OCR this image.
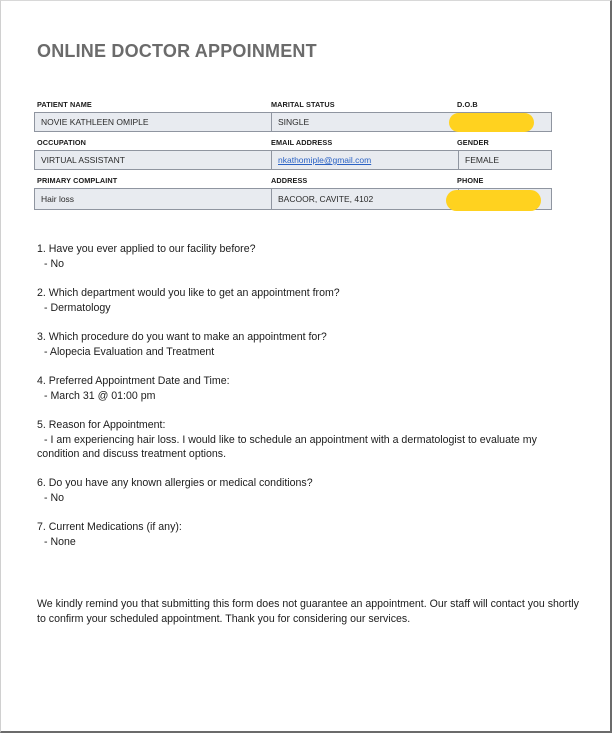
ONLINE DOCTOR APPOINMENT
PATIENT NAME	MARITAL STATUS	D.O.B
NOVIE KATHLEEN OMIPLE	SINGLE
OCCUPATION	EMAIL ADDRESS	GENDER
VIRTUAL ASSISTANT	nkathomiple@gmail.com	FEMALE
PRIMARY COMPLAINT	ADDRESS	PHONE
Hair loss	BACOOR, CAVITE, 4102
1. Have you ever applied to our facility before?
- No
2. Which department would you like to get an appointment from?
- Dermatology
3. Which procedure do you want to make an appointment for?
- Alopecia Evaluation and Treatment
4. Preferred Appointment Date and Time:
- March 31 @ 01:00 pm
5. Reason for Appointment:
- I am experiencing hair loss. I would like to schedule an appointment with a dermatologist to evaluate my condition and discuss treatment options.
6. Do you have any known allergies or medical conditions?
- No
7. Current Medications (if any):
- None
We kindly remind you that submitting this form does not guarantee an appointment. Our staff will contact you shortly to confirm your scheduled appointment. Thank you for considering our services.
